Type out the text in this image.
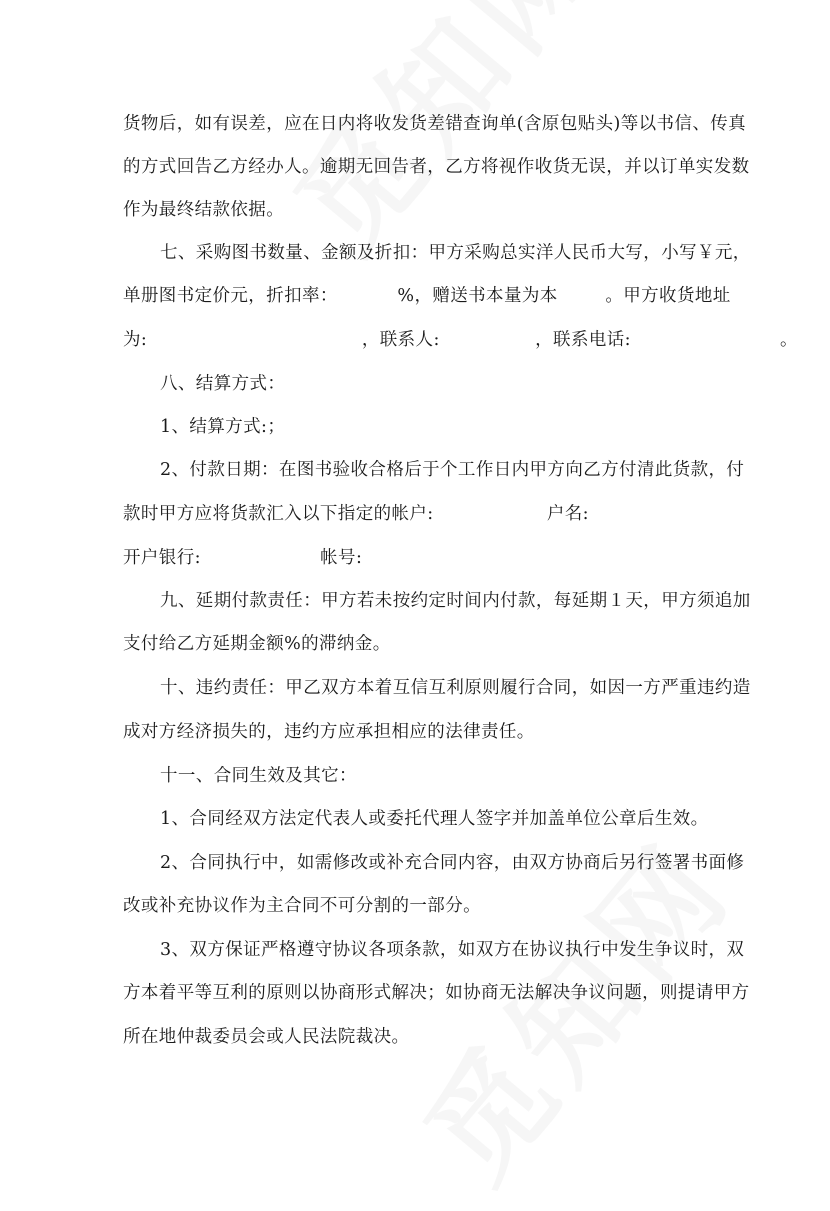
货物后，如有误差，应在日内将收发货差错查询单(含原包贴头)等以书信、传真
的方式回告乙方经办人。逾期无回告者，乙方将视作收货无误，并以订单实发数
作为最终结款依据。
七、采购图书数量、金额及折扣：甲方采购总实洋人民币大写，小写￥元，
单册图书定价元，折扣率：          %，赠送书本量为本        。甲方收货地址
为:                                    ，联系人:                ，联系电话:                         。
八、结算方式：
1、结算方式:；
2、付款日期：在图书验收合格后于个工作日内甲方向乙方付清此货款，付
款时甲方应将货款汇入以下指定的帐户:                   户名:
开户银行:                    帐号:
九、延期付款责任：甲方若未按约定时间内付款，每延期１天，甲方须追加
支付给乙方延期金额%的滞纳金。
十、违约责任：甲乙双方本着互信互利原则履行合同，如因一方严重违约造
成对方经济损失的，违约方应承担相应的法律责任。
十一、合同生效及其它：
1、合同经双方法定代表人或委托代理人签字并加盖单位公章后生效。
2、合同执行中，如需修改或补充合同内容，由双方协商后另行签署书面修
改或补充协议作为主合同不可分割的一部分。
3、双方保证严格遵守协议各项条款，如双方在协议执行中发生争议时，双
方本着平等互利的原则以协商形式解决；如协商无法解决争议问题，则提请甲方
所在地仲裁委员会或人民法院裁决。
